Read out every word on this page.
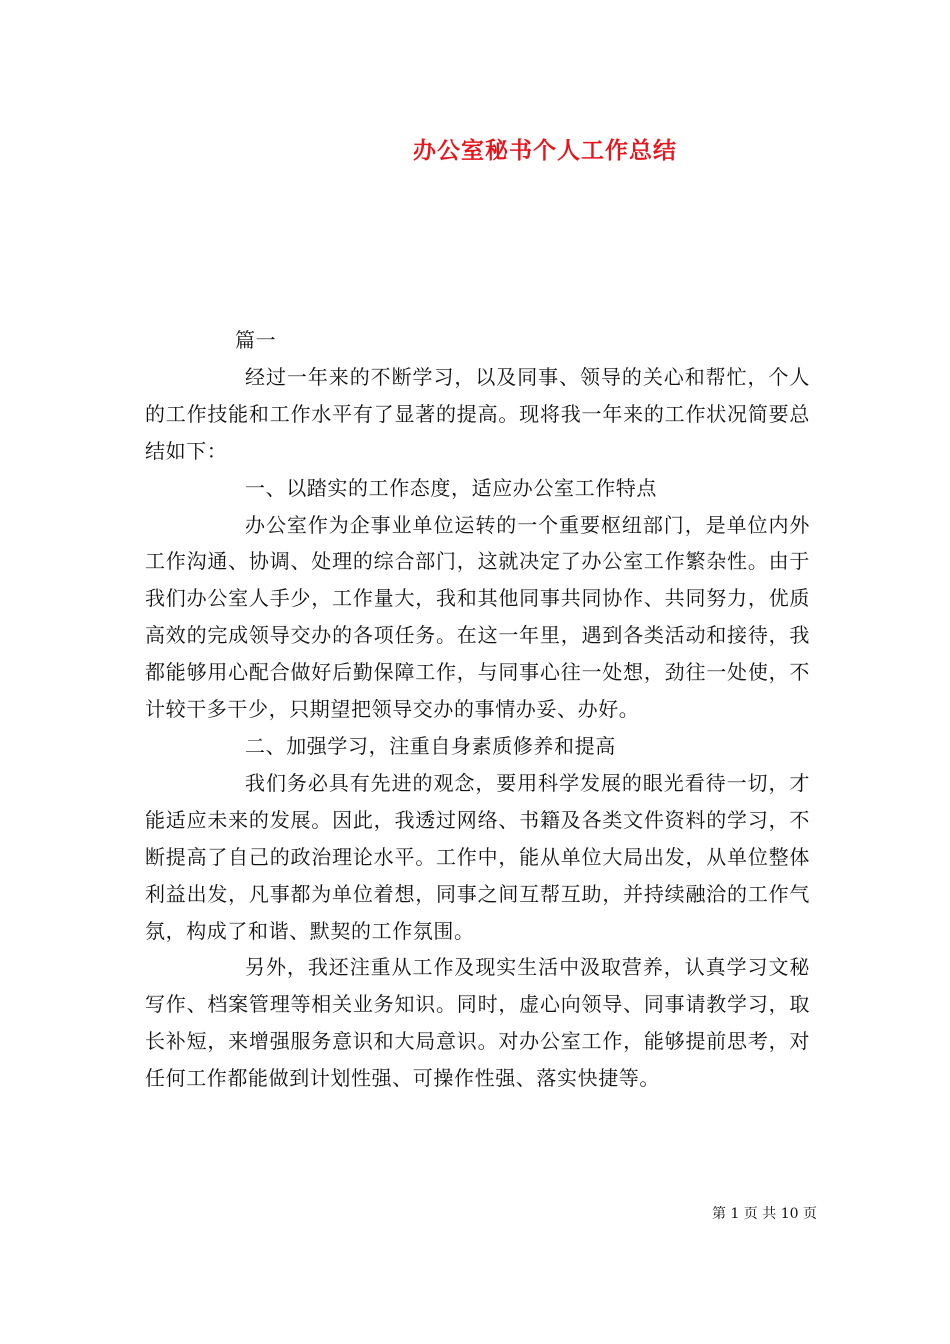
办公室秘书个人工作总结

篇一

经过一年来的不断学习，以及同事、领导的关心和帮忙，个人的工作技能和工作水平有了显著的提高。现将我一年来的工作状况简要总结如下：

一、以踏实的工作态度，适应办公室工作特点

办公室作为企事业单位运转的一个重要枢纽部门，是单位内外工作沟通、协调、处理的综合部门，这就决定了办公室工作繁杂性。由于我们办公室人手少，工作量大，我和其他同事共同协作、共同努力，优质高效的完成领导交办的各项任务。在这一年里，遇到各类活动和接待，我都能够用心配合做好后勤保障工作，与同事心往一处想，劲往一处使，不计较干多干少，只期望把领导交办的事情办妥、办好。

二、加强学习，注重自身素质修养和提高

我们务必具有先进的观念，要用科学发展的眼光看待一切，才能适应未来的发展。因此，我透过网络、书籍及各类文件资料的学习，不断提高了自己的政治理论水平。工作中，能从单位大局出发，从单位整体利益出发，凡事都为单位着想，同事之间互帮互助，并持续融洽的工作气氛，构成了和谐、默契的工作氛围。

另外，我还注重从工作及现实生活中汲取营养，认真学习文秘写作、档案管理等相关业务知识。同时，虚心向领导、同事请教学习，取长补短，来增强服务意识和大局意识。对办公室工作，能够提前思考，对任何工作都能做到计划性强、可操作性强、落实快捷等。

第 1 页 共 10 页
